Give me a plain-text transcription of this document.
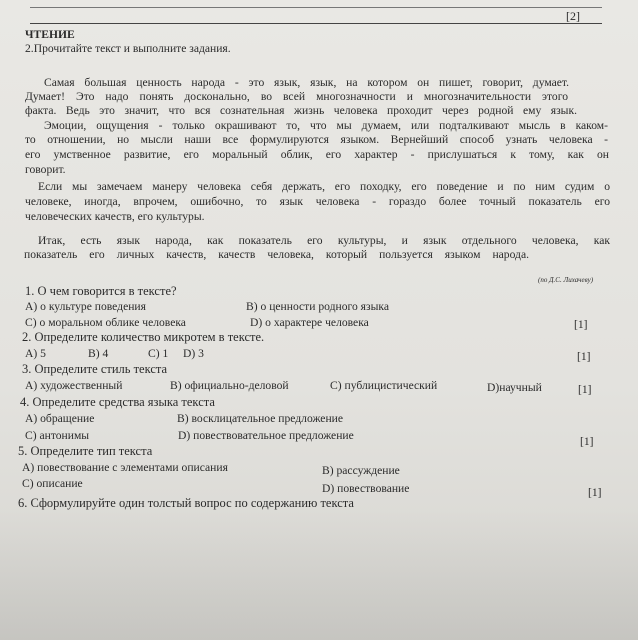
[2]
ЧТЕНИЕ
2.Прочитайте текст и выполните задания.
Самая большая ценность народа - это язык, язык, на котором он пишет, говорит, думает.
Думает! Это надо понять досконально, во всей многозначности и многозначительности этого
факта. Ведь это значит, что вся сознательная жизнь человека проходит через родной ему язык.
Эмоции, ощущения - только окрашивают то, что мы думаем, или подталкивают мысль в каком-
то отношении, но мысли наши все формулируются языком. Вернейший способ узнать человека -
его умственное развитие, его моральный облик, его характер - прислушаться к тому, как он
говорит.
Если мы замечаем манеру человека себя держать, его походку, его поведение и по ним судим о
человеке, иногда, впрочем, ошибочно, то язык человека - гораздо более точный показатель его
человеческих качеств, его культуры.
Итак, есть язык народа, как показатель его культуры, и язык отдельного человека, как
показатель его личных качеств, качеств человека, который пользуется языком народа.
(по Д.С. Лихачеву)
1. О чем говорится в тексте?
А) о культуре поведения	В) о ценности родного языка
С) о моральном облике человека	D) о характере человека	[1]
2. Определите количество микротем в тексте.
А) 5	В) 4	С) 1 D) 3	[1]
3. Определите стиль текста
А) художественный	В) официально-деловой	С) публицистический	D)научный	[1]
4. Определите средства языка текста
А) обращение	В) восклицательное предложение
С) антонимы	D) повествовательное предложение	[1]
5. Определите тип текста
А) повествование с элементами описания	В) рассуждение
С) описание	D) повествование	[1]
6. Сформулируйте один толстый вопрос по содержанию текста
